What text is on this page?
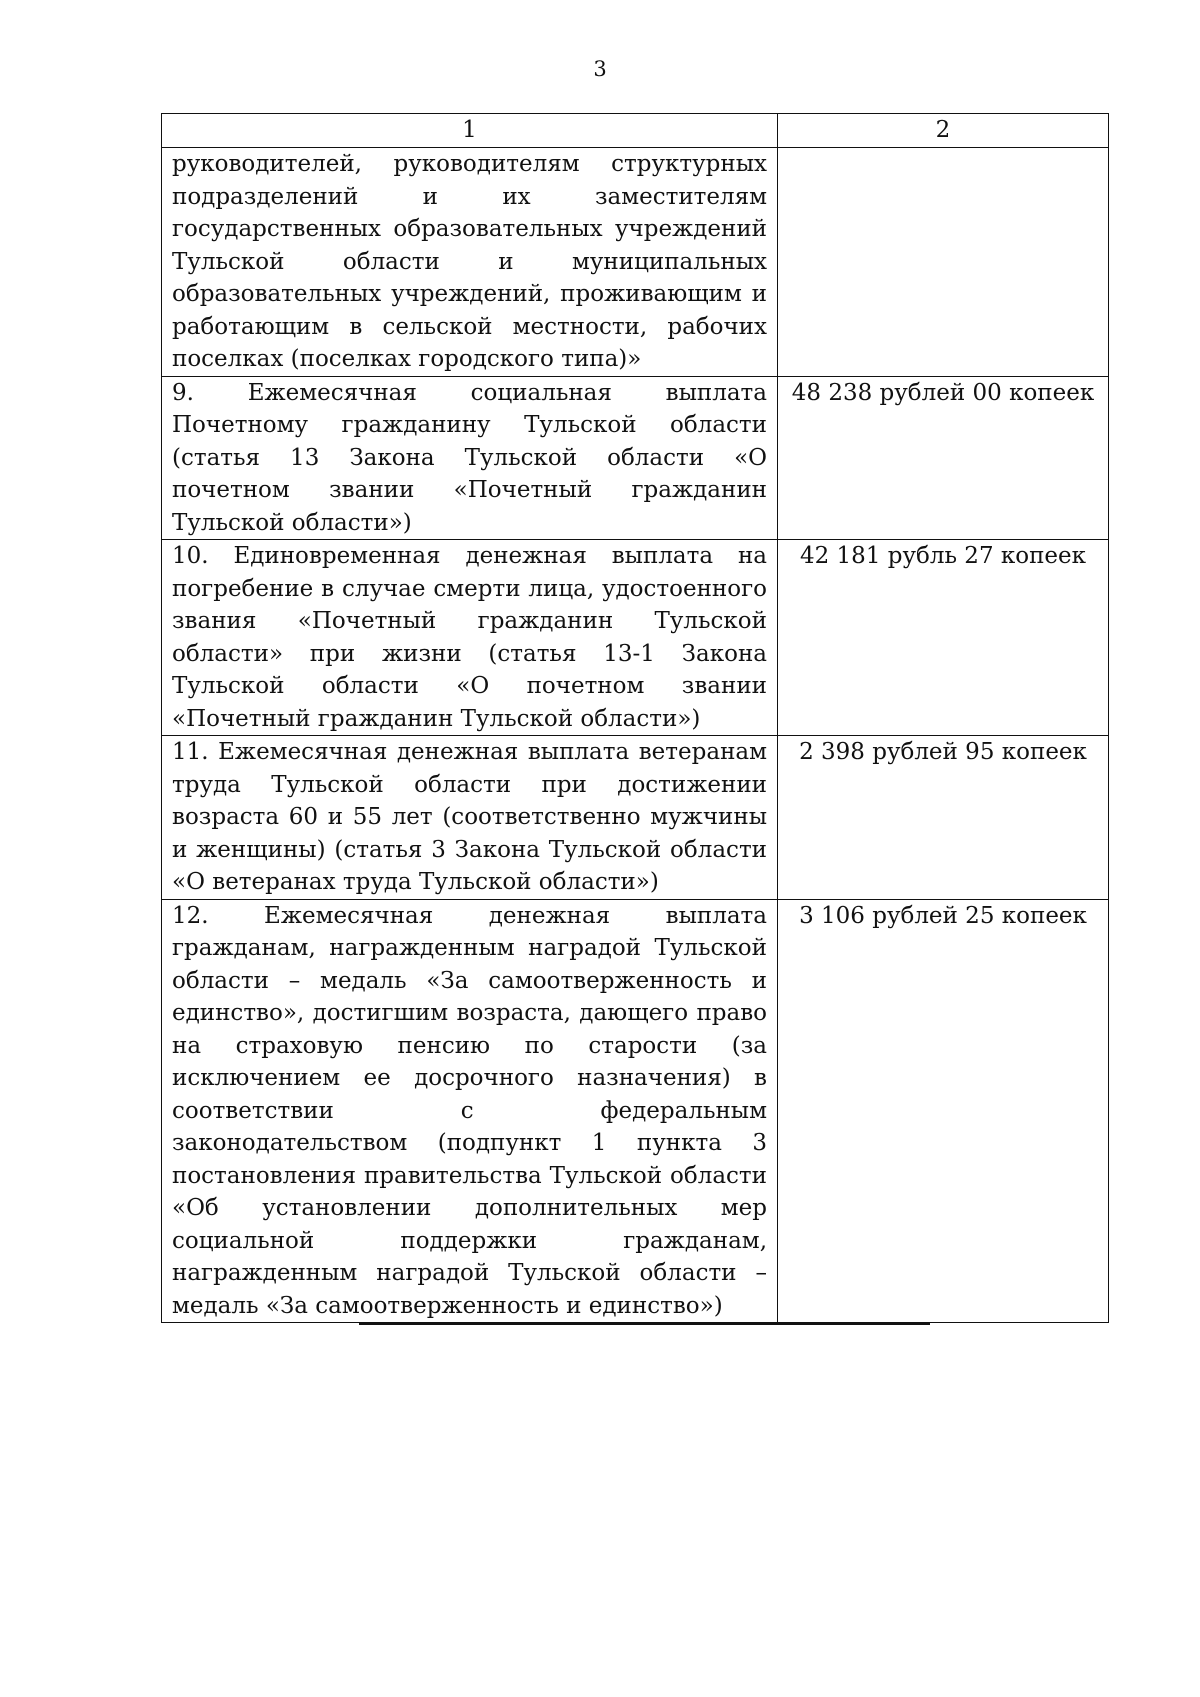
3
1	2
руководителей, руководителям структурных подразделений и их заместителям государственных образовательных учреждений Тульской области и муниципальных образовательных учреждений, проживающим и работающим в сельской местности, рабочих поселках (поселках городского типа)»	
9. Ежемесячная социальная выплата Почетному гражданину Тульской области (статья 13 Закона Тульской области «О почетном звании «Почетный гражданин Тульской области»)	48 238 рублей 00 копеек
10. Единовременная денежная выплата на погребение в случае смерти лица, удостоенного звания «Почетный гражданин Тульской области» при жизни (статья 13-1 Закона Тульской области «О почетном звании «Почетный гражданин Тульской области»)	42 181 рубль 27 копеек
11. Ежемесячная денежная выплата ветеранам труда Тульской области при достижении возраста 60 и 55 лет (соответственно мужчины и женщины) (статья 3 Закона Тульской области «О ветеранах труда Тульской области»)	2 398 рублей 95 копеек
12. Ежемесячная денежная выплата гражданам, награжденным наградой Тульской области – медаль «За самоотверженность и единство», достигшим возраста, дающего право на страховую пенсию по старости (за исключением ее досрочного назначения) в соответствии с федеральным законодательством (подпункт 1 пункта 3 постановления правительства Тульской области «Об установлении дополнительных мер социальной поддержки гражданам, награжденным наградой Тульской области – медаль «За самоотверженность и единство»)	3 106 рублей 25 копеек
